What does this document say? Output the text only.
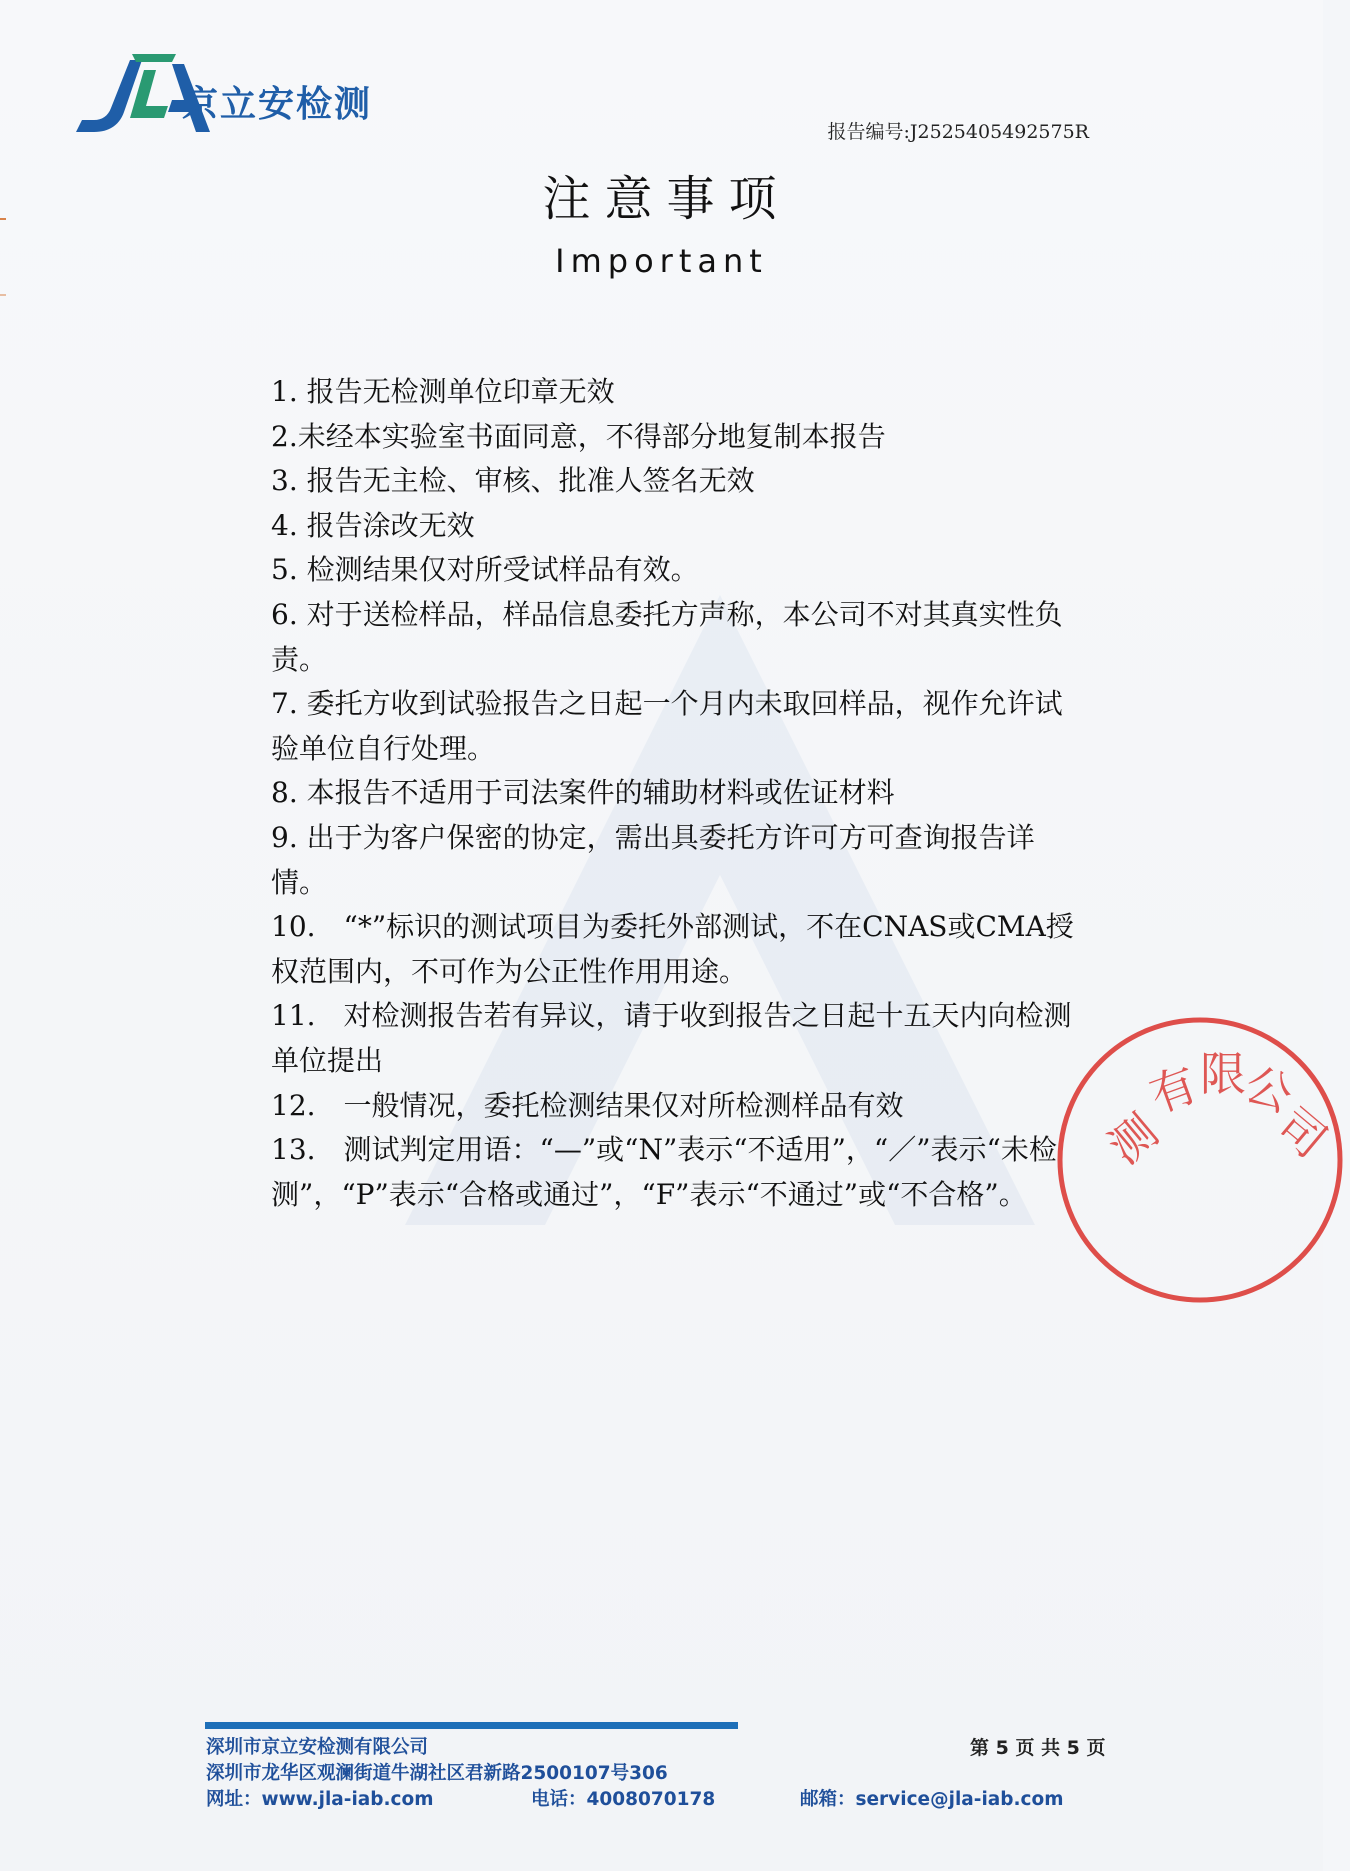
京立安检测
报告编号:J2525405492575R
注意事项
Important

1. 报告无检测单位印章无效

2.未经本实验室书面同意，不得部分地复制本报告

3. 报告无主检、审核、批准人签名无效

4. 报告涂改无效

5. 检测结果仅对所受试样品有效。

6. 对于送检样品，样品信息委托方声称，本公司不对其真实性负责。

7. 委托方收到试验报告之日起一个月内未取回样品，视作允许试验单位自行处理。

8. 本报告不适用于司法案件的辅助材料或佐证材料

9. 出于为客户保密的协定，需出具委托方许可方可查询报告详情。

10.　“*”标识的测试项目为委托外部测试，不在CNAS或CMA授权范围内，不可作为公正性作用用途。

11.　对检测报告若有异议，请于收到报告之日起十五天内向检测单位提出

12.　一般情况，委托检测结果仅对所检测样品有效

13.　测试判定用语：“—”或“N”表示“不适用”，“／”表示“未检测”，“P”表示“合格或通过”，“F”表示“不通过”或“不合格”。

测
有
限
公
司
深圳市京立安检测有限公司
深圳市龙华区观澜街道牛湖社区君新路2500107号306
网址：www.jla-iab.com	电话：4008070178	邮箱：service@jla-iab.com
第 5 页 共 5 页
